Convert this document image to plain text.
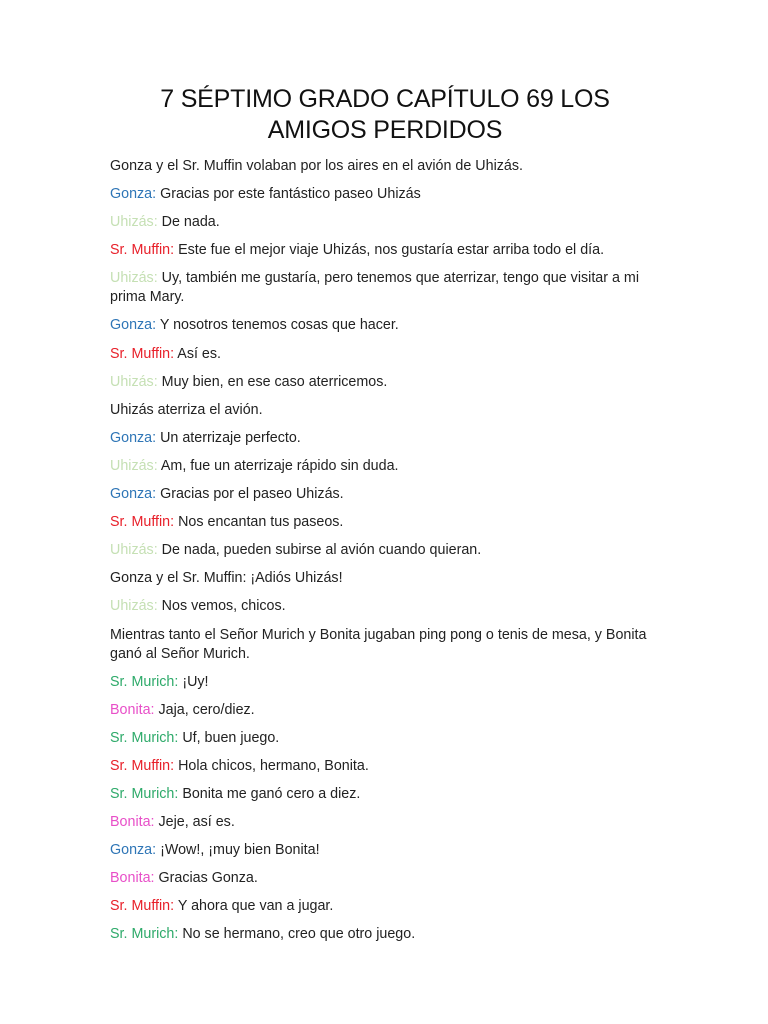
7 SÉPTIMO GRADO CAPÍTULO 69 LOS AMIGOS PERDIDOS

Gonza y el Sr. Muffin volaban por los aires en el avión de Uhizás.

Gonza: Gracias por este fantástico paseo Uhizás

Uhizás: De nada.

Sr. Muffin: Este fue el mejor viaje Uhizás, nos gustaría estar arriba todo el día.

Uhizás: Uy, también me gustaría, pero tenemos que aterrizar, tengo que visitar a mi prima Mary.

Gonza: Y nosotros tenemos cosas que hacer.

Sr. Muffin: Así es.

Uhizás: Muy bien, en ese caso aterricemos.

Uhizás aterriza el avión.

Gonza: Un aterrizaje perfecto.

Uhizás: Am, fue un aterrizaje rápido sin duda.

Gonza: Gracias por el paseo Uhizás.

Sr. Muffin: Nos encantan tus paseos.

Uhizás: De nada, pueden subirse al avión cuando quieran.

Gonza y el Sr. Muffin: ¡Adiós Uhizás!

Uhizás: Nos vemos, chicos.

Mientras tanto el Señor Murich y Bonita jugaban ping pong o tenis de mesa, y Bonita ganó al Señor Murich.

Sr. Murich: ¡Uy!

Bonita: Jaja, cero/diez.

Sr. Murich: Uf, buen juego.

Sr. Muffin: Hola chicos, hermano, Bonita.

Sr. Murich: Bonita me ganó cero a diez.

Bonita: Jeje, así es.

Gonza: ¡Wow!, ¡muy bien Bonita!

Bonita: Gracias Gonza.

Sr. Muffin: Y ahora que van a jugar.

Sr. Murich: No se hermano, creo que otro juego.
